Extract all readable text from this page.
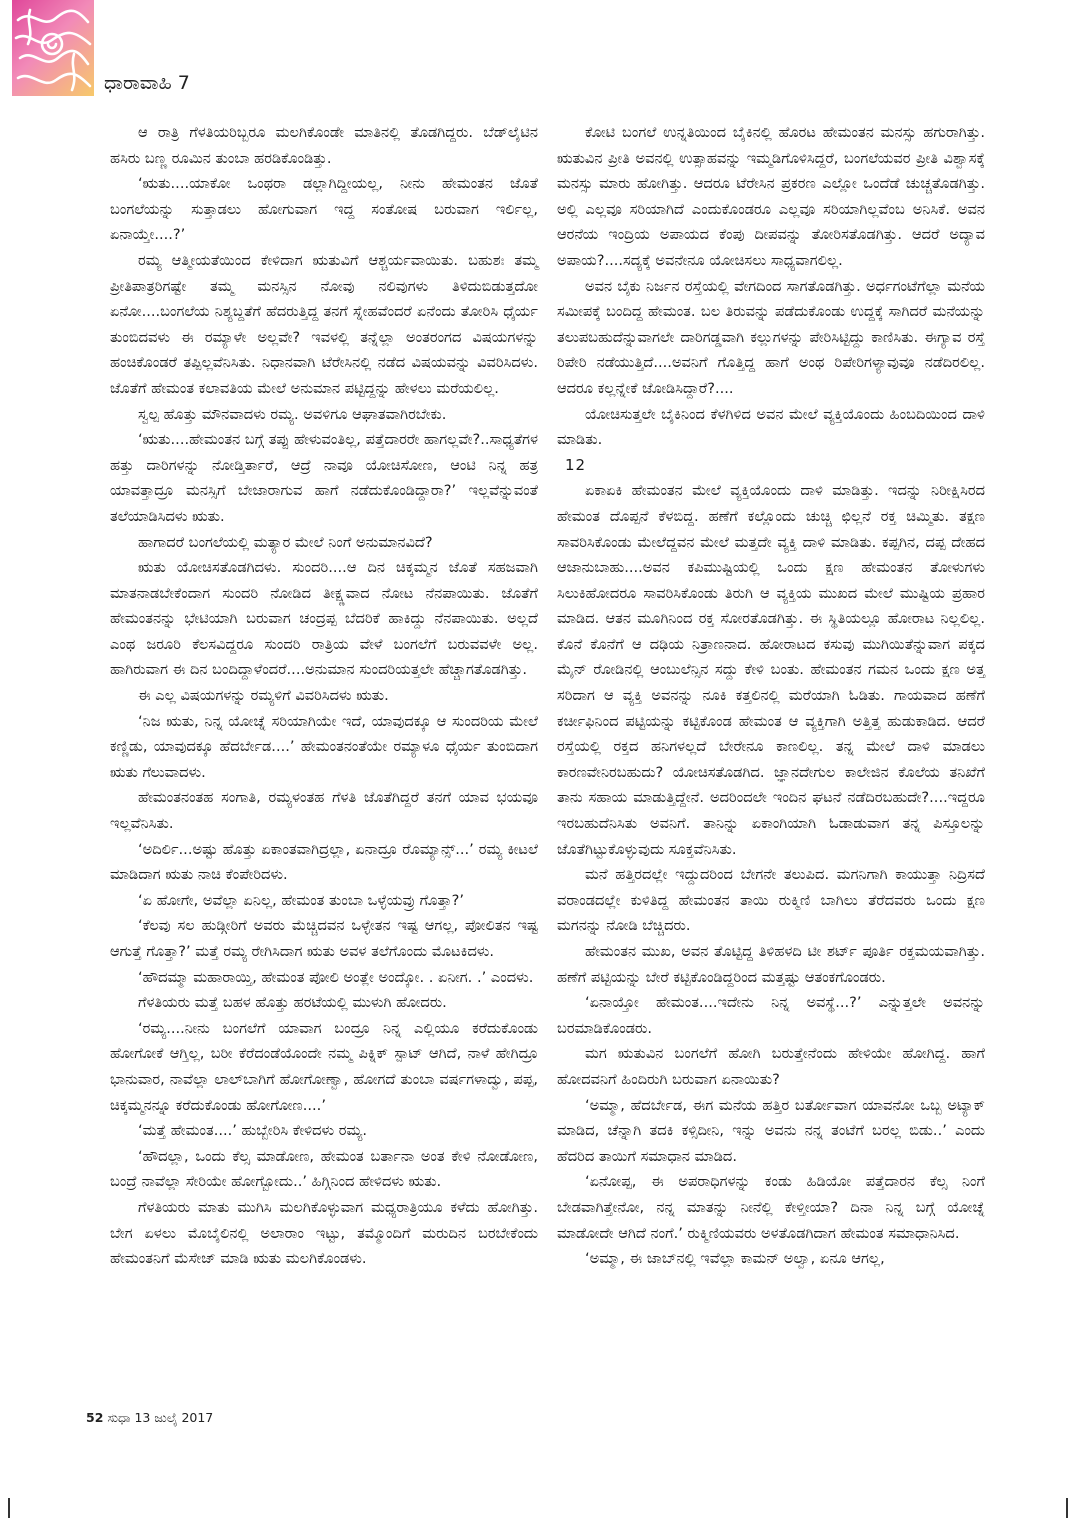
ಧಾರಾವಾಹಿ 7

ಆ ರಾತ್ರಿ ಗೆಳತಿಯರಿಬ್ಬರೂ ಮಲಗಿಕೊಂಡೇ ಮಾತಿನಲ್ಲಿ ತೊಡಗಿದ್ದರು. ಬೆಡ್‌ಲೈಟಿನ ಹಸಿರು ಬಣ್ಣ ರೂಮಿನ ತುಂಬಾ ಹರಡಿಕೊಂಡಿತ್ತು.

‘ಋತು....ಯಾಕೋ ಒಂಥರಾ ಡಲ್ಲಾಗಿದ್ದೀಯಲ್ಲ, ನೀನು ಹೇಮಂತನ ಜೊತೆ ಬಂಗಲೆಯನ್ನು ಸುತ್ತಾಡಲು ಹೋಗುವಾಗ ಇದ್ದ ಸಂತೋಷ ಬರುವಾಗ ಇರ್ಲಿಲ್ಲ, ಏನಾಯ್ತೇ....?’

ರಮ್ಯ ಆತ್ಮೀಯತೆಯಿಂದ ಕೇಳಿದಾಗ ಋತುವಿಗೆ ಆಶ್ಚರ್ಯವಾಯಿತು. ಬಹುಶಃ ತಮ್ಮ ಪ್ರೀತಿಪಾತ್ರರಿಗಷ್ಟೇ ತಮ್ಮ ಮನಸ್ಸಿನ ನೋವು ನಲಿವುಗಳು ತಿಳಿದುಬಿಡುತ್ತದೋ ಏನೋ....ಬಂಗಲೆಯ ನಿಶ್ಯಬ್ದತೆಗೆ ಹೆದರುತ್ತಿದ್ದ ತನಗೆ ಸ್ನೇಹವೆಂದರೆ ಏನೆಂದು ತೋರಿಸಿ ಧೈರ್ಯ ತುಂಬಿದವಳು ಈ ರಮ್ಯಾಳೇ ಅಲ್ಲವೇ? ಇವಳಲ್ಲಿ ತನ್ನೆಲ್ಲಾ ಅಂತರಂಗದ ವಿಷಯಗಳನ್ನು ಹಂಚಿಕೊಂಡರೆ ತಪ್ಪಿಲ್ಲವೆನಿಸಿತು. ನಿಧಾನವಾಗಿ ಟೆರೇಸಿನಲ್ಲಿ ನಡೆದ ವಿಷಯವನ್ನು ವಿವರಿಸಿದಳು. ಜೊತೆಗೆ ಹೇಮಂತ ಕಲಾವತಿಯ ಮೇಲೆ ಅನುಮಾನ ಪಟ್ಟಿದ್ದನ್ನು ಹೇಳಲು ಮರೆಯಲಿಲ್ಲ.

ಸ್ವಲ್ಪ ಹೊತ್ತು ಮೌನವಾದಳು ರಮ್ಯ. ಅವಳಿಗೂ ಆಘಾತವಾಗಿರಬೇಕು.

‘ಋತು....ಹೇಮಂತನ ಬಗ್ಗೆ ತಪ್ಪು ಹೇಳುವಂತಿಲ್ಲ, ಪತ್ತೆದಾರರೇ ಹಾಗಲ್ಲವೇ?..ಸಾಧ್ಯತೆಗಳ ಹತ್ತು ದಾರಿಗಳನ್ನು ನೋಡ್ತಿರ್ತಾರೆ, ಆದ್ರೆ ನಾವೂ ಯೋಚಿಸೋಣ, ಆಂಟಿ ನಿನ್ನ ಹತ್ರ ಯಾವತ್ತಾದ್ರೂ ಮನಸ್ಸಿಗೆ ಬೇಜಾರಾಗುವ ಹಾಗೆ ನಡೆದುಕೊಂಡಿದ್ದಾರಾ?’ ಇಲ್ಲವೆನ್ನುವಂತೆ ತಲೆಯಾಡಿಸಿದಳು ಋತು.

ಹಾಗಾದರೆ ಬಂಗಲೆಯಲ್ಲಿ ಮತ್ಯಾರ ಮೇಲೆ ನಿಂಗೆ ಅನುಮಾನವಿದೆ?

ಋತು ಯೋಚಿಸತೊಡಗಿದಳು. ಸುಂದರಿ....ಆ ದಿನ ಚಿಕ್ಕಮ್ಮನ ಜೊತೆ ಸಹಜವಾಗಿ ಮಾತನಾಡಬೇಕೆಂದಾಗ ಸುಂದರಿ ನೋಡಿದ ತೀಕ್ಷ್ಣವಾದ ನೋಟ ನೆನಪಾಯಿತು. ಜೊತೆಗೆ ಹೇಮಂತನನ್ನು ಭೇಟಿಯಾಗಿ ಬರುವಾಗ ಚಂದ್ರಪ್ಪ ಬೆದರಿಕೆ ಹಾಕಿದ್ದು ನೆನಪಾಯಿತು. ಅಲ್ಲದೆ ಎಂಥ ಜರೂರಿ ಕೆಲಸವಿದ್ದರೂ ಸುಂದರಿ ರಾತ್ರಿಯ ವೇಳೆ ಬಂಗಲೆಗೆ ಬರುವವಳೇ ಅಲ್ಲ. ಹಾಗಿರುವಾಗ ಈ ದಿನ ಬಂದಿದ್ದಾಳೆಂದರೆ....ಅನುಮಾನ ಸುಂದರಿಯತ್ತಲೇ ಹೆಚ್ಚಾಗತೊಡಗಿತ್ತು.

ಈ ಎಲ್ಲ ವಿಷಯಗಳನ್ನು ರಮ್ಯಳಿಗೆ ವಿವರಿಸಿದಳು ಋತು.

‘ನಿಜ ಋತು, ನಿನ್ನ ಯೋಚ್ನೆ ಸರಿಯಾಗಿಯೇ ಇದೆ, ಯಾವುದಕ್ಕೂ ಆ ಸುಂದರಿಯ ಮೇಲೆ ಕಣ್ಣಿಡು, ಯಾವುದಕ್ಕೂ ಹೆದರ್ಬೇಡ....’ ಹೇಮಂತನಂತೆಯೇ ರಮ್ಯಾಳೂ ಧೈರ್ಯ ತುಂಬಿದಾಗ ಋತು ಗೆಲುವಾದಳು.

ಹೇಮಂತನಂತಹ ಸಂಗಾತಿ, ರಮ್ಯಳಂತಹ ಗೆಳತಿ ಜೊತೆಗಿದ್ದರೆ ತನಗೆ ಯಾವ ಭಯವೂ ಇಲ್ಲವೆನಿಸಿತು.

‘ಅದಿರ್ಲಿ...ಅಷ್ಟು ಹೊತ್ತು ಏಕಾಂತವಾಗಿದ್ರಲ್ಲಾ, ಏನಾದ್ರೂ ರೊಮ್ಯಾನ್ಸ್...’ ರಮ್ಯ ಕೀಟಲೆ ಮಾಡಿದಾಗ ಋತು ನಾಚಿ ಕೆಂಪೇರಿದಳು.

‘ಏ ಹೋಗೇ, ಅವೆಲ್ಲಾ ಏನಿಲ್ಲ, ಹೇಮಂತ ತುಂಬಾ ಒಳ್ಳೆಯವ್ರು ಗೊತ್ತಾ?’

‘ಕೆಲವು ಸಲ ಹುಡ್ಗೀರಿಗೆ ಅವರು ಮೆಚ್ಚಿದವನ ಒಳ್ಳೇತನ ಇಷ್ಟ ಆಗಲ್ಲ, ಪೋಲಿತನ ಇಷ್ಟ ಆಗುತ್ತೆ ಗೊತ್ತಾ?’ ಮತ್ತೆ ರಮ್ಯ ರೇಗಿಸಿದಾಗ ಋತು ಅವಳ ತಲೆಗೊಂದು ಮೊಟಕಿದಳು.

‘ಹೌದಮ್ಮಾ ಮಹಾರಾಯ್ತಿ, ಹೇಮಂತ ಪೋಲಿ ಅಂತ್ಲೇ ಅಂದ್ಕೋ. . ಏನೀಗ. .’ ಎಂದಳು.

ಗೆಳತಿಯರು ಮತ್ತೆ ಬಹಳ ಹೊತ್ತು ಹರಟೆಯಲ್ಲಿ ಮುಳುಗಿ ಹೋದರು.

‘ರಮ್ಯ....ನೀನು ಬಂಗಲೆಗೆ ಯಾವಾಗ ಬಂದ್ರೂ ನಿನ್ನ ಎಲ್ಲಿಯೂ ಕರೆದುಕೊಂಡು ಹೋಗೋಕೆ ಆಗ್ತಿಲ್ಲ, ಬರೀ ಕೆರೆದಂಡೆಯೊಂದೇ ನಮ್ಮ ಪಿಕ್ನಿಕ್ ಸ್ಪಾಟ್ ಆಗಿದೆ, ನಾಳೆ ಹೇಗಿದ್ರೂ ಭಾನುವಾರ, ನಾವೆಲ್ಲಾ ಲಾಲ್‌ಬಾಗಿಗೆ ಹೋಗೋಣ್ವಾ, ಹೋಗದೆ ತುಂಬಾ ವರ್ಷಗಳಾದ್ವು, ಪಪ್ಪ, ಚಿಕ್ಕಮ್ಮನನ್ನೂ ಕರೆದುಕೊಂಡು ಹೋಗೋಣ....’

‘ಮತ್ತೆ ಹೇಮಂತ....’ ಹುಬ್ಬೇರಿಸಿ ಕೇಳಿದಳು ರಮ್ಯ.

‘ಹೌದಲ್ಲಾ, ಒಂದು ಕೆಲ್ಸ ಮಾಡೋಣ, ಹೇಮಂತ ಬರ್ತಾನಾ ಅಂತ ಕೇಳಿ ನೋಡೋಣ, ಬಂದ್ರೆ ನಾವೆಲ್ಲಾ ಸೇರಿಯೇ ಹೋಗ್ಬೋದು..’ ಹಿಗ್ಗಿನಿಂದ ಹೇಳಿದಳು ಋತು.

ಗೆಳತಿಯರು ಮಾತು ಮುಗಿಸಿ ಮಲಗಿಕೊಳ್ಳುವಾಗ ಮಧ್ಯರಾತ್ರಿಯೂ ಕಳೆದು ಹೋಗಿತ್ತು. ಬೇಗ ಏಳಲು ಮೊಬೈಲಿನಲ್ಲಿ ಅಲಾರಾಂ ಇಟ್ಟು, ತಮ್ಮೊಂದಿಗೆ ಮರುದಿನ ಬರಬೇಕೆಂದು ಹೇಮಂತನಿಗೆ ಮೆಸೇಜ್ ಮಾಡಿ ಋತು ಮಲಗಿಕೊಂಡಳು.

ಕೋಟಿ ಬಂಗಲೆ ಉನ್ನತಿಯಿಂದ ಬೈಕಿನಲ್ಲಿ ಹೊರಟ ಹೇಮಂತನ ಮನಸ್ಸು ಹಗುರಾಗಿತ್ತು. ಋತುವಿನ ಪ್ರೀತಿ ಅವನಲ್ಲಿ ಉತ್ಸಾಹವನ್ನು ಇಮ್ಮಡಿಗೊಳಿಸಿದ್ದರೆ, ಬಂಗಲೆಯವರ ಪ್ರೀತಿ ವಿಶ್ವಾಸಕ್ಕೆ ಮನಸ್ಸು ಮಾರು ಹೋಗಿತ್ತು. ಆದರೂ ಟೆರೇಸಿನ ಪ್ರಕರಣ ಎಲ್ಲೋ ಒಂದೆಡೆ ಚುಚ್ಚತೊಡಗಿತ್ತು. ಅಲ್ಲಿ ಎಲ್ಲವೂ ಸರಿಯಾಗಿದೆ ಎಂದುಕೊಂಡರೂ ಎಲ್ಲವೂ ಸರಿಯಾಗಿಲ್ಲವೆಂಬ ಅನಿಸಿಕೆ. ಅವನ ಆರನೆಯ ಇಂದ್ರಿಯ ಅಪಾಯದ ಕೆಂಪು ದೀಪವನ್ನು ತೋರಿಸತೊಡಗಿತ್ತು. ಆದರೆ ಅದ್ಯಾವ ಅಪಾಯ?....ಸದ್ಯಕ್ಕೆ ಅವನೇನೂ ಯೋಚಿಸಲು ಸಾಧ್ಯವಾಗಲಿಲ್ಲ.

ಅವನ ಬೈಕು ನಿರ್ಜನ ರಸ್ತೆಯಲ್ಲಿ ವೇಗದಿಂದ ಸಾಗತೊಡಗಿತ್ತು. ಅರ್ಧಗಂಟೆಗೆಲ್ಲಾ ಮನೆಯ ಸಮೀಪಕ್ಕೆ ಬಂದಿದ್ದ ಹೇಮಂತ. ಬಲ ತಿರುವನ್ನು ಪಡೆದುಕೊಂಡು ಉದ್ದಕ್ಕೆ ಸಾಗಿದರೆ ಮನೆಯನ್ನು ತಲುಪಬಹುದೆನ್ನುವಾಗಲೇ ದಾರಿಗಡ್ಡವಾಗಿ ಕಲ್ಲುಗಳನ್ನು ಪೇರಿಸಿಟ್ಟಿದ್ದು ಕಾಣಿಸಿತು. ಈಗ್ಯಾವ ರಸ್ತೆ ರಿಪೇರಿ ನಡೆಯುತ್ತಿದೆ....ಅವನಿಗೆ ಗೊತ್ತಿದ್ದ ಹಾಗೆ ಅಂಥ ರಿಪೇರಿಗಳ್ಯಾವುವೂ ನಡೆದಿರಲಿಲ್ಲ. ಆದರೂ ಕಲ್ಲನ್ನೇಕೆ ಜೋಡಿಸಿದ್ದಾರೆ?....

ಯೋಚಿಸುತ್ತಲೇ ಬೈಕಿನಿಂದ ಕೆಳಗಿಳಿದ ಅವನ ಮೇಲೆ ವ್ಯಕ್ತಿಯೊಂದು ಹಿಂಬದಿಯಿಂದ ದಾಳಿ ಮಾಡಿತು.

12

ಏಕಾಏಕಿ ಹೇಮಂತನ ಮೇಲೆ ವ್ಯಕ್ತಿಯೊಂದು ದಾಳಿ ಮಾಡಿತ್ತು. ಇದನ್ನು ನಿರೀಕ್ಷಿಸಿರದ ಹೇಮಂತ ದೊಪ್ಪನೆ ಕೆಳಬಿದ್ದ. ಹಣೆಗೆ ಕಲ್ಲೊಂದು ಚುಚ್ಚಿ ಛಿಲ್ಲನೆ ರಕ್ತ ಚಿಮ್ಮಿತು. ತಕ್ಷಣ ಸಾವರಿಸಿಕೊಂಡು ಮೇಲೆದ್ದವನ ಮೇಲೆ ಮತ್ತದೇ ವ್ಯಕ್ತಿ ದಾಳಿ ಮಾಡಿತು. ಕಪ್ಪಗಿನ, ದಪ್ಪ ದೇಹದ ಆಜಾನುಬಾಹು....ಅವನ ಕಪಿಮುಷ್ಟಿಯಲ್ಲಿ ಒಂದು ಕ್ಷಣ ಹೇಮಂತನ ತೋಳುಗಳು ಸಿಲುಕಿಹೋದರೂ ಸಾವರಿಸಿಕೊಂಡು ತಿರುಗಿ ಆ ವ್ಯಕ್ತಿಯ ಮುಖದ ಮೇಲೆ ಮುಷ್ಟಿಯ ಪ್ರಹಾರ ಮಾಡಿದ. ಆತನ ಮೂಗಿನಿಂದ ರಕ್ತ ಸೋರತೊಡಗಿತ್ತು. ಈ ಸ್ಥಿತಿಯಲ್ಲೂ ಹೋರಾಟ ನಿಲ್ಲಲಿಲ್ಲ. ಕೊನೆ ಕೊನೆಗೆ ಆ ದಢಿಯ ನಿತ್ರಾಣನಾದ. ಹೋರಾಟದ ಕಸುವು ಮುಗಿಯಿತೆನ್ನುವಾಗ ಪಕ್ಕದ ಮೈನ್ ರೋಡಿನಲ್ಲಿ ಆಂಬುಲೆನ್ಸಿನ ಸದ್ದು ಕೇಳಿ ಬಂತು. ಹೇಮಂತನ ಗಮನ ಒಂದು ಕ್ಷಣ ಅತ್ತ ಸರಿದಾಗ ಆ ವ್ಯಕ್ತಿ ಅವನನ್ನು ನೂಕಿ ಕತ್ತಲಿನಲ್ಲಿ ಮರೆಯಾಗಿ ಓಡಿತು. ಗಾಯವಾದ ಹಣೆಗೆ ಕರ್ಚೀಫಿನಿಂದ ಪಟ್ಟಿಯನ್ನು ಕಟ್ಟಿಕೊಂಡ ಹೇಮಂತ ಆ ವ್ಯಕ್ತಿಗಾಗಿ ಅತ್ತಿತ್ತ ಹುಡುಕಾಡಿದ. ಆದರೆ ರಸ್ತೆಯಲ್ಲಿ ರಕ್ತದ ಹನಿಗಳಲ್ಲದೆ ಬೇರೇನೂ ಕಾಣಲಿಲ್ಲ. ತನ್ನ ಮೇಲೆ ದಾಳಿ ಮಾಡಲು ಕಾರಣವೇನಿರಬಹುದು? ಯೋಚಿಸತೊಡಗಿದ. ಜ್ಞಾನದೇಗುಲ ಕಾಲೇಜಿನ ಕೊಲೆಯ ತನಿಖೆಗೆ ತಾನು ಸಹಾಯ ಮಾಡುತ್ತಿದ್ದೇನೆ. ಅದರಿಂದಲೇ ಇಂದಿನ ಘಟನೆ ನಡೆದಿರಬಹುದೇ?....ಇದ್ದರೂ ಇರಬಹುದೆನಿಸಿತು ಅವನಿಗೆ. ತಾನಿನ್ನು ಏಕಾಂಗಿಯಾಗಿ ಓಡಾಡುವಾಗ ತನ್ನ ಪಿಸ್ತೂಲನ್ನು ಜೊತೆಗಿಟ್ಟುಕೊಳ್ಳುವುದು ಸೂಕ್ತವೆನಿಸಿತು.

ಮನೆ ಹತ್ತಿರದಲ್ಲೇ ಇದ್ದುದರಿಂದ ಬೇಗನೇ ತಲುಪಿದ. ಮಗನಿಗಾಗಿ ಕಾಯುತ್ತಾ ನಿದ್ರಿಸದೆ ವರಾಂಡದಲ್ಲೇ ಕುಳಿತಿದ್ದ ಹೇಮಂತನ ತಾಯಿ ರುಕ್ಮಿಣಿ ಬಾಗಿಲು ತೆರೆದವರು ಒಂದು ಕ್ಷಣ ಮಗನನ್ನು ನೋಡಿ ಬೆಚ್ಚಿದರು.

ಹೇಮಂತನ ಮುಖ, ಅವನ ತೊಟ್ಟಿದ್ದ ತಿಳಿಹಳದಿ ಟೀ ಶರ್ಟ್ ಪೂರ್ತಿ ರಕ್ತಮಯವಾಗಿತ್ತು. ಹಣೆಗೆ ಪಟ್ಟಿಯನ್ನು ಬೇರೆ ಕಟ್ಟಿಕೊಂಡಿದ್ದರಿಂದ ಮತ್ತಷ್ಟು ಆತಂಕಗೊಂಡರು.

‘ಏನಾಯ್ತೋ ಹೇಮಂತ....ಇದೇನು ನಿನ್ನ ಅವಸ್ಥೆ...?’ ಎನ್ನುತ್ತಲೇ ಅವನನ್ನು ಬರಮಾಡಿಕೊಂಡರು.

ಮಗ ಋತುವಿನ ಬಂಗಲೆಗೆ ಹೋಗಿ ಬರುತ್ತೇನೆಂದು ಹೇಳಿಯೇ ಹೋಗಿದ್ದ. ಹಾಗೆ ಹೋದವನಿಗೆ ಹಿಂದಿರುಗಿ ಬರುವಾಗ ಏನಾಯಿತು?

‘ಅಮ್ಮಾ, ಹೆದರ್ಬೇಡ, ಈಗ ಮನೆಯ ಹತ್ತಿರ ಬರ್ತೋವಾಗ ಯಾವನೋ ಒಬ್ಬ ಅಟ್ಯಾಕ್ ಮಾಡಿದ, ಚೆನ್ನಾಗಿ ತದಕಿ ಕಳ್ಸಿದೀನಿ, ಇನ್ನು ಅವನು ನನ್ನ ತಂಟೆಗೆ ಬರಲ್ಲ ಬಿಡು..’ ಎಂದು ಹೆದರಿದ ತಾಯಿಗೆ ಸಮಾಧಾನ ಮಾಡಿದ.

‘ಏನೋಪ್ಪ, ಈ ಅಪರಾಧಿಗಳನ್ನು ಕಂಡು ಹಿಡಿಯೋ ಪತ್ತೆದಾರನ ಕೆಲ್ಸ ನಿಂಗೆ ಬೇಡವಾಗಿತ್ತೇನೋ, ನನ್ನ ಮಾತನ್ನು ನೀನೆಲ್ಲಿ ಕೇಳ್ತೀಯಾ? ದಿನಾ ನಿನ್ನ ಬಗ್ಗೆ ಯೋಚ್ನೆ ಮಾಡೋದೇ ಆಗಿದೆ ನಂಗೆ.’ ರುಕ್ಮಿಣಿಯವರು ಅಳತೊಡಗಿದಾಗ ಹೇಮಂತ ಸಮಾಧಾನಿಸಿದ.

‘ಅಮ್ಮಾ, ಈ ಜಾಬ್‌ನಲ್ಲಿ ಇವೆಲ್ಲಾ ಕಾಮನ್ ಅಲ್ವಾ, ಏನೂ ಆಗಲ್ಲ,

52 ಸುಧಾ 13 ಜುಲೈ 2017
